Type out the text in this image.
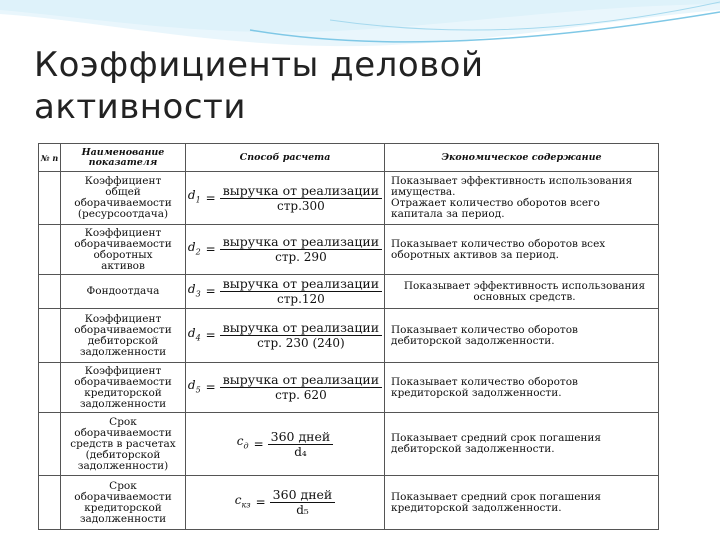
Коэффициенты деловой
активности
№ п	Наименование
показателя	Способ расчета	Экономическое содержание

	Коэффициент
общей
оборачиваемости
(ресурсоотдача)	$d_1 = \frac{\text{выручка от реализации}}{\text{стр.300}}$	Показывает эффективность использования
имущества.
Отражает количество оборотов всего
капитала за период.

	Коэффициент
оборачиваемости
оборотных
активов	$d_2 = \frac{\text{выручка от реализации}}{\text{стр. 290}}$	Показывает количество оборотов всех
оборотных активов за период.

	Фондоотдача	$d_3 = \frac{\text{выручка от реализации}}{\text{стр.120}}$	Показывает эффективность использования
основных средств.

	Коэффициент
оборачиваемости
дебиторской
задолженности	$d_4 = \frac{\text{выручка от реализации}}{\text{стр. 230 (240)}}$	Показывает количество оборотов
дебиторской задолженности.

	Коэффициент
оборачиваемости
кредиторской
задолженности	$d_5 = \frac{\text{выручка от реализации}}{\text{стр. 620}}$	Показывает количество оборотов
кредиторской задолженности.

	Срок
оборачиваемости
средств в расчетах
(дебиторской
задолженности)	$c_д = \frac{\text{360 дней}}{\text{d₄}}$	Показывает средний срок погашения
дебиторской задолженности.

	Срок
оборачиваемости
кредиторской
задолженности	$c_{кз} = \frac{\text{360 дней}}{\text{d₅}}$	Показывает средний срок погашения
кредиторской задолженности.
